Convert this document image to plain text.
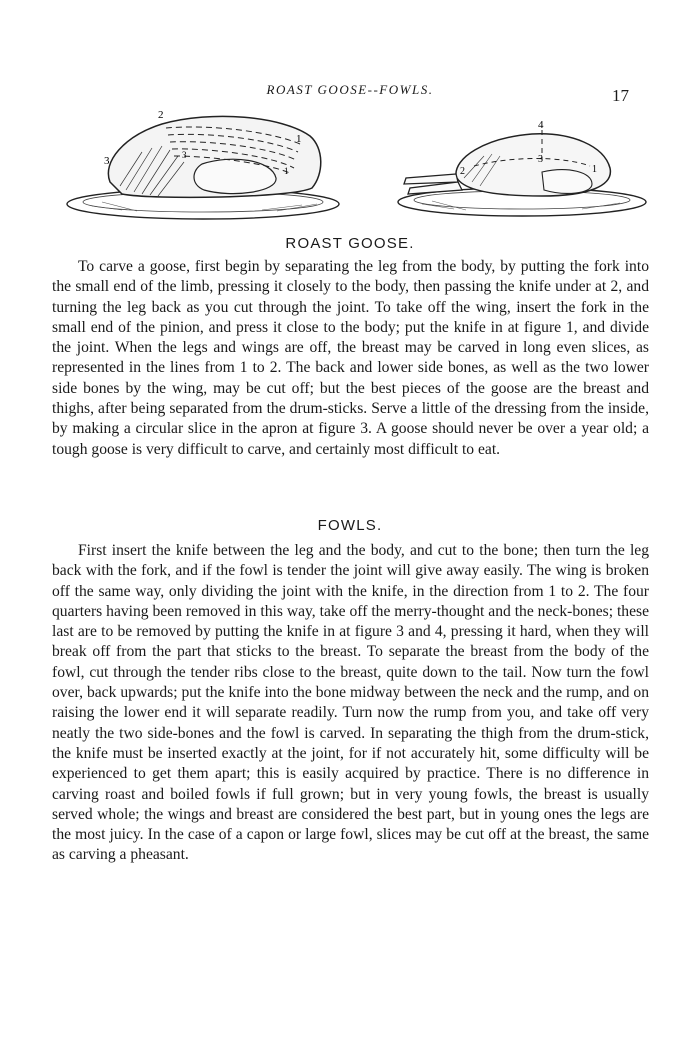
ROAST GOOSE--FOWLS.	17
2
1
3	3
1
4
2
3
1
ROAST GOOSE.

To carve a goose, first begin by separating the leg from the body, by putting the fork into the small end of the limb, pressing it closely to the body, then passing the knife under at 2, and turning the leg back as you cut through the joint. To take off the wing, insert the fork in the small end of the pinion, and press it close to the body; put the knife in at figure 1, and divide the joint. When the legs and wings are off, the breast may be carved in long even slices, as represented in the lines from 1 to 2. The back and lower side bones, as well as the two lower side bones by the wing, may be cut off; but the best pieces of the goose are the breast and thighs, after being separated from the drum-sticks. Serve a little of the dressing from the inside, by making a circular slice in the apron at figure 3. A goose should never be over a year old; a tough goose is very difficult to carve, and certainly most difficult to eat.

FOWLS.

First insert the knife between the leg and the body, and cut to the bone; then turn the leg back with the fork, and if the fowl is tender the joint will give away easily. The wing is broken off the same way, only dividing the joint with the knife, in the direction from 1 to 2. The four quarters having been removed in this way, take off the merry-thought and the neck-bones; these last are to be removed by putting the knife in at figure 3 and 4, pressing it hard, when they will break off from the part that sticks to the breast. To separate the breast from the body of the fowl, cut through the tender ribs close to the breast, quite down to the tail. Now turn the fowl over, back upwards; put the knife into the bone midway between the neck and the rump, and on raising the lower end it will separate readily. Turn now the rump from you, and take off very neatly the two side-bones and the fowl is carved. In separating the thigh from the drum-stick, the knife must be inserted exactly at the joint, for if not accurately hit, some difficulty will be experienced to get them apart; this is easily acquired by practice. There is no difference in carving roast and boiled fowls if full grown; but in very young fowls, the breast is usually served whole; the wings and breast are considered the best part, but in young ones the legs are the most juicy. In the case of a capon or large fowl, slices may be cut off at the breast, the same as carving a pheasant.
